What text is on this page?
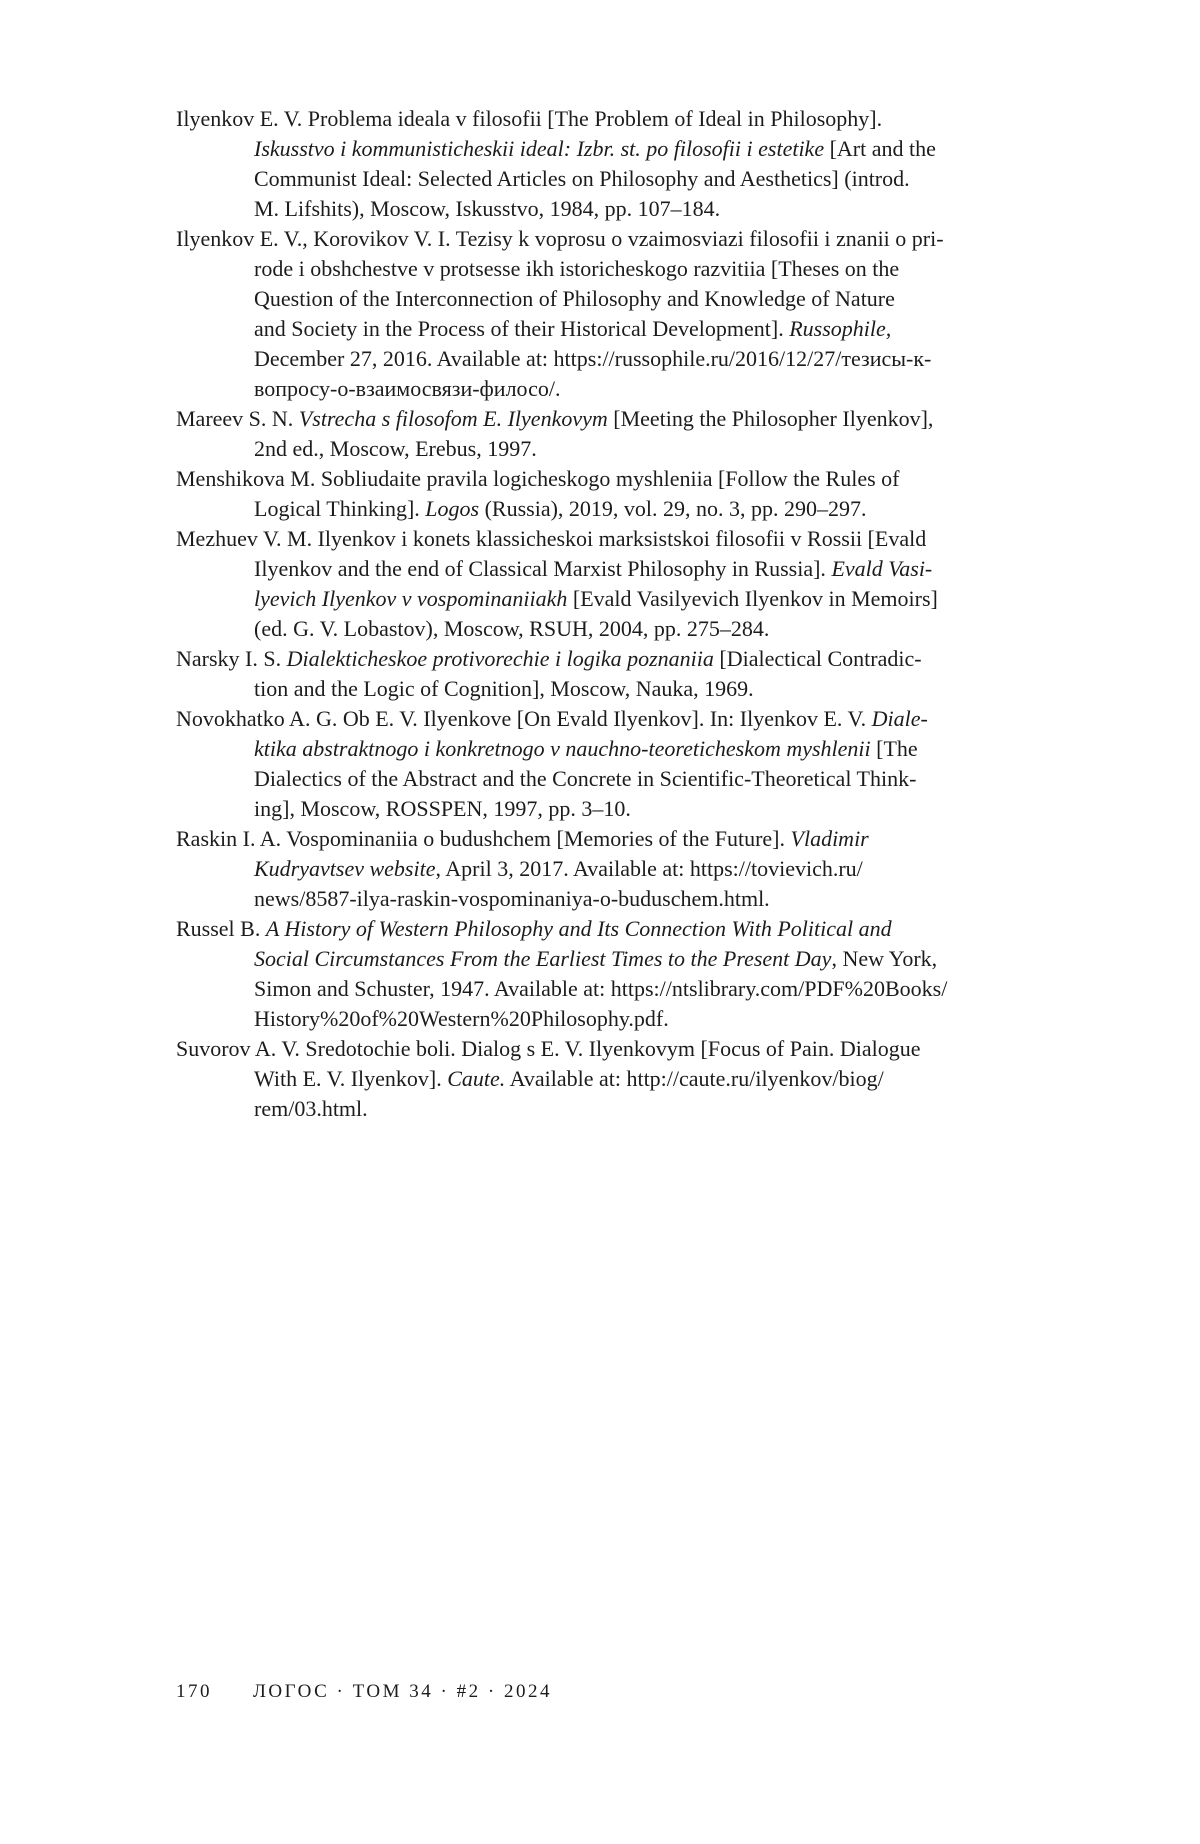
Ilyenkov E. V. Problema ideala v filosofii [The Problem of Ideal in Philosophy].
Iskusstvo i kommunisticheskii ideal: Izbr. st. po filosofii i estetike [Art and the
Communist Ideal: Selected Articles on Philosophy and Aesthetics] (introd.
M. Lifshits), Moscow, Iskusstvo, 1984, pp. 107–184.
Ilyenkov E. V., Korovikov V. I. Tezisy k voprosu o vzaimosviazi filosofii i znanii o pri-
rode i obshchestve v protsesse ikh istoricheskogo razvitiia [Theses on the
Question of the Interconnection of Philosophy and Knowledge of Nature
and Society in the Process of their Historical Development]. Russophile,
December 27, 2016. Available at: https://russophile.ru/2016/12/27/тезисы-к-
вопросу-о-взаимосвязи-филосо/.
Mareev S. N. Vstrecha s filosofom E. Ilyenkovym [Meeting the Philosopher Ilyenkov],
2nd ed., Moscow, Erebus, 1997.
Menshikova M. Sobliudaite pravila logicheskogo myshleniia [Follow the Rules of
Logical Thinking]. Logos (Russia), 2019, vol. 29, no. 3, pp. 290–297.
Mezhuev V. M. Ilyenkov i konets klassicheskoi marksistskoi filosofii v Rossii [Evald
Ilyenkov and the end of Classical Marxist Philosophy in Russia]. Evald Vasi-
lyevich Ilyenkov v vospominaniiakh [Evald Vasilyevich Ilyenkov in Memoirs]
(ed. G. V. Lobastov), Moscow, RSUH, 2004, pp. 275–284.
Narsky I. S. Dialekticheskoe protivorechie i logika poznaniia [Dialectical Contradic-
tion and the Logic of Cognition], Moscow, Nauka, 1969.
Novokhatko A. G. Ob E. V. Ilyenkove [On Evald Ilyenkov]. In: Ilyenkov E. V. Diale-
ktika abstraktnogo i konkretnogo v nauchno-teoreticheskom myshlenii [The
Dialectics of the Abstract and the Concrete in Scientific-Theoretical Think-
ing], Moscow, ROSSPEN, 1997, pp. 3–10.
Raskin I. A. Vospominaniia o budushchem [Memories of the Future]. Vladimir
Kudryavtsev website, April 3, 2017. Available at: https://tovievich.ru/
news/8587-ilya-raskin-vospominaniya-o-buduschem.html.
Russel B. A History of Western Philosophy and Its Connection With Political and
Social Circumstances From the Earliest Times to the Present Day, New York,
Simon and Schuster, 1947. Available at: https://ntslibrary.com/PDF%20Books/
History%20of%20Western%20Philosophy.pdf.
Suvorov A. V. Sredotochie boli. Dialog s E. V. Ilyenkovym [Focus of Pain. Dialogue
With E. V. Ilyenkov]. Caute. Available at: http://caute.ru/ilyenkov/biog/
rem/03.html.
170 ЛОГОС · ТОМ 34 · #2 · 2024
